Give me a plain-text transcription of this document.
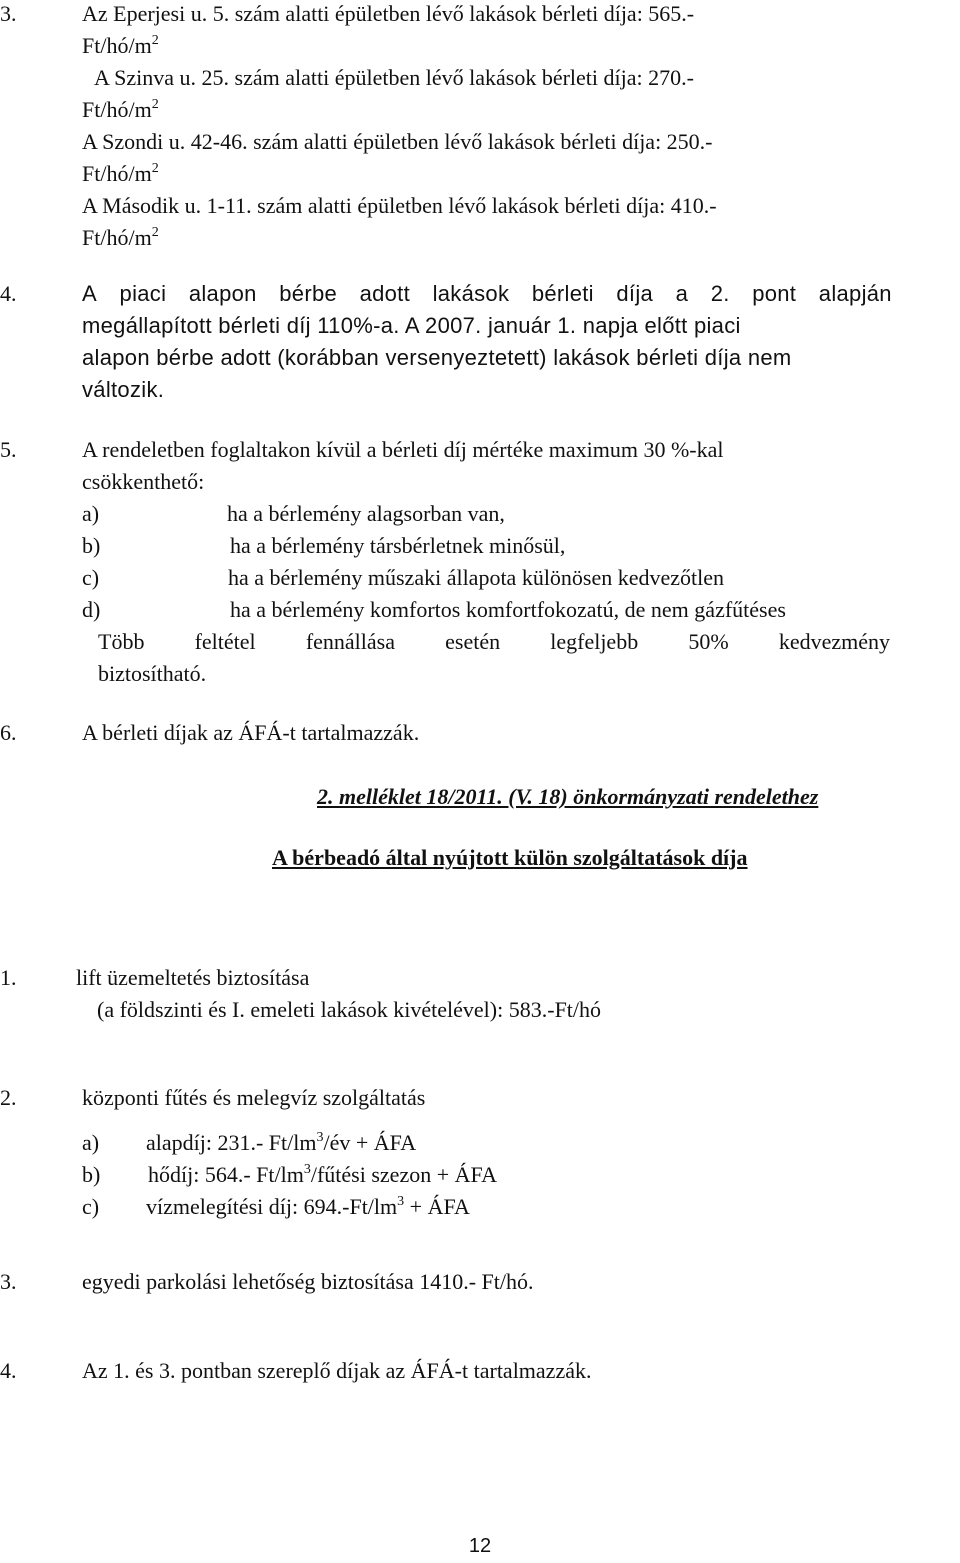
3.	Az Eperjesi u. 5. szám alatti épületben lévő lakások bérleti díja: 565.-
$Ft/hó/m^2$
A Szinva u. 25. szám alatti épületben lévő lakások bérleti díja: 270.-
$Ft/hó/m^2$
A Szondi u. 42-46. szám alatti épületben lévő lakások bérleti díja: 250.-
$Ft/hó/m^2$
A Második u. 1-11. szám alatti épületben lévő lakások bérleti díja: 410.-
$Ft/hó/m^2$
4.	A piaci alapon bérbe adott lakások bérleti díja a 2. pont alapján
megállapított bérleti díj 110%-a. A 2007. január 1. napja előtt piaci
alapon bérbe adott (korábban versenyeztetett) lakások bérleti díja nem
változik.
5.	A rendeletben foglaltakon kívül a bérleti díj mértéke maximum 30 %-kal
csökkenthető:
a)	ha a bérlemény alagsorban van,
b)	ha a bérlemény társbérletnek minősül,
c)	ha a bérlemény műszaki állapota különösen kedvezőtlen
d)	ha a bérlemény komfortos komfortfokozatú, de nem gázfűtéses
Több feltétel fennállása esetén legfeljebb 50% kedvezmény
biztosítható.
6.	A bérleti díjak az ÁFÁ-t tartalmazzák.
2. melléklet 18/2011. (V. 18) önkormányzati rendelethez
A bérbeadó által nyújtott külön szolgáltatások díja
1.	lift üzemeltetés biztosítása
(a földszinti és I. emeleti lakások kivételével): 583.-Ft/hó
2.	központi fűtés és melegvíz szolgáltatás
a) alapdíj: 231.- $Ft/lm^3/év$ + ÁFA
b) hődíj: 564.- $Ft/lm^3$/fűtési szezon + ÁFA
c) vízmelegítési díj: $694.-Ft/lm^3$ + ÁFA
3.	egyedi parkolási lehetőség biztosítása 1410.- Ft/hó.
4.	Az 1. és 3. pontban szereplő díjak az ÁFÁ-t tartalmazzák.
12
